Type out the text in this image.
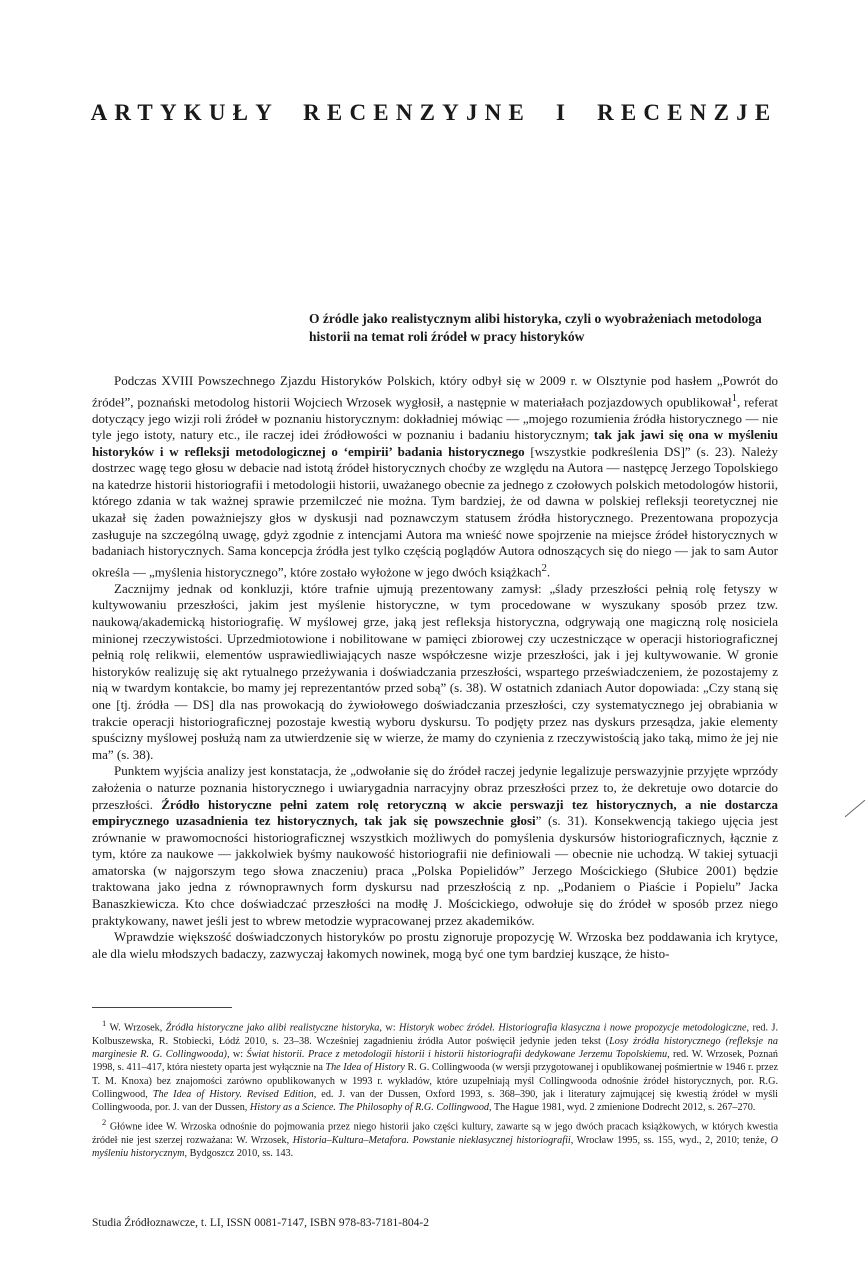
ARTYKUŁY RECENZYJNE I RECENZJE
O źródle jako realistycznym alibi historyka, czyli o wyobrażeniach metodologa historii na temat roli źródeł w pracy historyków

Podczas XVIII Powszechnego Zjazdu Historyków Polskich, który odbył się w 2009 r. w Olsztynie pod hasłem „Powrót do źródeł”, poznański metodolog historii Wojciech Wrzosek wygłosił, a następnie w materiałach pozjazdowych opublikował$^1$, referat dotyczący jego wizji roli źródeł w poznaniu historycznym: dokładniej mówiąc — „mojego rozumienia źródła historycznego — nie tyle jego istoty, natury etc., ile raczej idei źródłowości w poznaniu i badaniu historycznym; tak jak jawi się ona w myśleniu historyków i w refleksji metodologicznej o ‘empirii’ badania historycznego [wszystkie podkreślenia DS]” (s. 23). Należy dostrzec wagę tego głosu w debacie nad istotą źródeł historycznych choćby ze względu na Autora — następcę Jerzego Topolskiego na katedrze historii historiografii i metodologii historii, uważanego obecnie za jednego z czołowych polskich metodologów historii, którego zdania w tak ważnej sprawie przemilczeć nie można. Tym bardziej, że od dawna w polskiej refleksji teoretycznej nie ukazał się żaden poważniejszy głos w dyskusji nad poznawczym statusem źródła historycznego. Prezentowana propozycja zasługuje na szczególną uwagę, gdyż zgodnie z intencjami Autora ma wnieść nowe spojrzenie na miejsce źródeł historycznych w badaniach historycznych. Sama koncepcja źródła jest tylko częścią poglądów Autora odnoszących się do niego — jak to sam Autor określa — „myślenia historycznego”, które zostało wyłożone w jego dwóch książkach$^2$.

Zacznijmy jednak od konkluzji, które trafnie ujmują prezentowany zamysł: „ślady przeszłości pełnią rolę fetyszy w kultywowaniu przeszłości, jakim jest myślenie historyczne, w tym procedowane w wyszukany sposób przez tzw. naukową/akademicką historiografię. W myślowej grze, jaką jest refleksja historyczna, odgrywają one magiczną rolę nosiciela minionej rzeczywistości. Uprzedmiotowione i nobilitowane w pamięci zbiorowej czy uczestniczące w operacji historiograficznej pełnią rolę relikwii, elementów usprawiedliwiających nasze współczesne wizje przeszłości, jak i jej kultywowanie. W gronie historyków realizuję się akt rytualnego przeżywania i doświadczania przeszłości, wspartego przeświadczeniem, że pozostajemy z nią w twardym kontakcie, bo mamy jej reprezentantów przed sobą” (s. 38). W ostatnich zdaniach Autor dopowiada: „Czy staną się one [tj. źródła — DS] dla nas prowokacją do żywiołowego doświadczania przeszłości, czy systematycznego jej obrabiania w trakcie operacji historiograficznej pozostaje kwestią wyboru dyskursu. To podjęty przez nas dyskurs przesądza, jakie elementy spuścizny myślowej posłużą nam za utwierdzenie się w wierze, że mamy do czynienia z rzeczywistością jako taką, mimo że jej nie ma” (s. 38).

Punktem wyjścia analizy jest konstatacja, że „odwołanie się do źródeł raczej jedynie legalizuje perswazyjnie przyjęte wprzódy założenia o naturze poznania historycznego i uwiarygadnia narracyjny obraz przeszłości przez to, że dekretuje owo dotarcie do przeszłości. Źródło historyczne pełni zatem rolę retoryczną w akcie perswazji tez historycznych, a nie dostarcza empirycznego uzasadnienia tez historycznych, tak jak się powszechnie głosi” (s. 31). Konsekwencją takiego ujęcia jest zrównanie w prawomocności historiograficznej wszystkich możliwych do pomyślenia dyskursów historiograficznych, łącznie z tym, które za naukowe — jakkolwiek byśmy naukowość historiografii nie definiowali — obecnie nie uchodzą. W takiej sytuacji amatorska (w najgorszym tego słowa znaczeniu) praca „Polska Popielidów” Jerzego Mościckiego (Słubice 2001) będzie traktowana jako jedna z równoprawnych form dyskursu nad przeszłością z np. „Podaniem o Piaście i Popielu” Jacka Banaszkiewicza. Kto chce doświadczać przeszłości na modłę J. Mościckiego, odwołuje się do źródeł w sposób przez niego praktykowany, nawet jeśli jest to wbrew metodzie wypracowanej przez akademików.

Wprawdzie większość doświadczonych historyków po prostu zignoruje propozycję W. Wrzoska bez poddawania ich krytyce, ale dla wielu młodszych badaczy, zazwyczaj łakomych nowinek, mogą być one tym bardziej kuszące, że histo-

$^1$ W. Wrzosek, Źródła historyczne jako alibi realistyczne historyka, w: Historyk wobec źródeł. Historiografia klasyczna i nowe propozycje metodologiczne, red. J. Kolbuszewska, R. Stobiecki, Łódź 2010, s. 23–38. Wcześniej zagadnieniu źródła Autor poświęcił jedynie jeden tekst (Losy źródła historycznego (refleksje na marginesie R. G. Collingwooda), w: Świat historii. Prace z metodologii historii i historii historiografii dedykowane Jerzemu Topolskiemu, red. W. Wrzosek, Poznań 1998, s. 411–417, która niestety oparta jest wyłącznie na The Idea of History R. G. Collingwooda (w wersji przygotowanej i opublikowanej pośmiertnie w 1946 r. przez T. M. Knoxa) bez znajomości zarówno opublikowanych w 1993 r. wykładów, które uzupełniają myśl Collingwooda odnośnie źródeł historycznych, por. R.G. Collingwood, The Idea of History. Revised Edition, ed. J. van der Dussen, Oxford 1993, s. 368–390, jak i literatury zajmującej się kwestią źródeł w myśli Collingwooda, por. J. van der Dussen, History as a Science. The Philosophy of R.G. Collingwood, The Hague 1981, wyd. 2 zmienione Dodrecht 2012, s. 267–270.

$^2$ Główne idee W. Wrzoska odnośnie do pojmowania przez niego historii jako części kultury, zawarte są w jego dwóch pracach książkowych, w których kwestia źródeł nie jest szerzej rozważana: W. Wrzosek, Historia–Kultura–Metafora. Powstanie nieklasycznej historiografii, Wrocław 1995, ss. 155, wyd., 2, 2010; tenże, O myśleniu historycznym, Bydgoszcz 2010, ss. 143.

Studia Źródłoznawcze, t. LI, ISSN 0081-7147, ISBN 978-83-7181-804-2
